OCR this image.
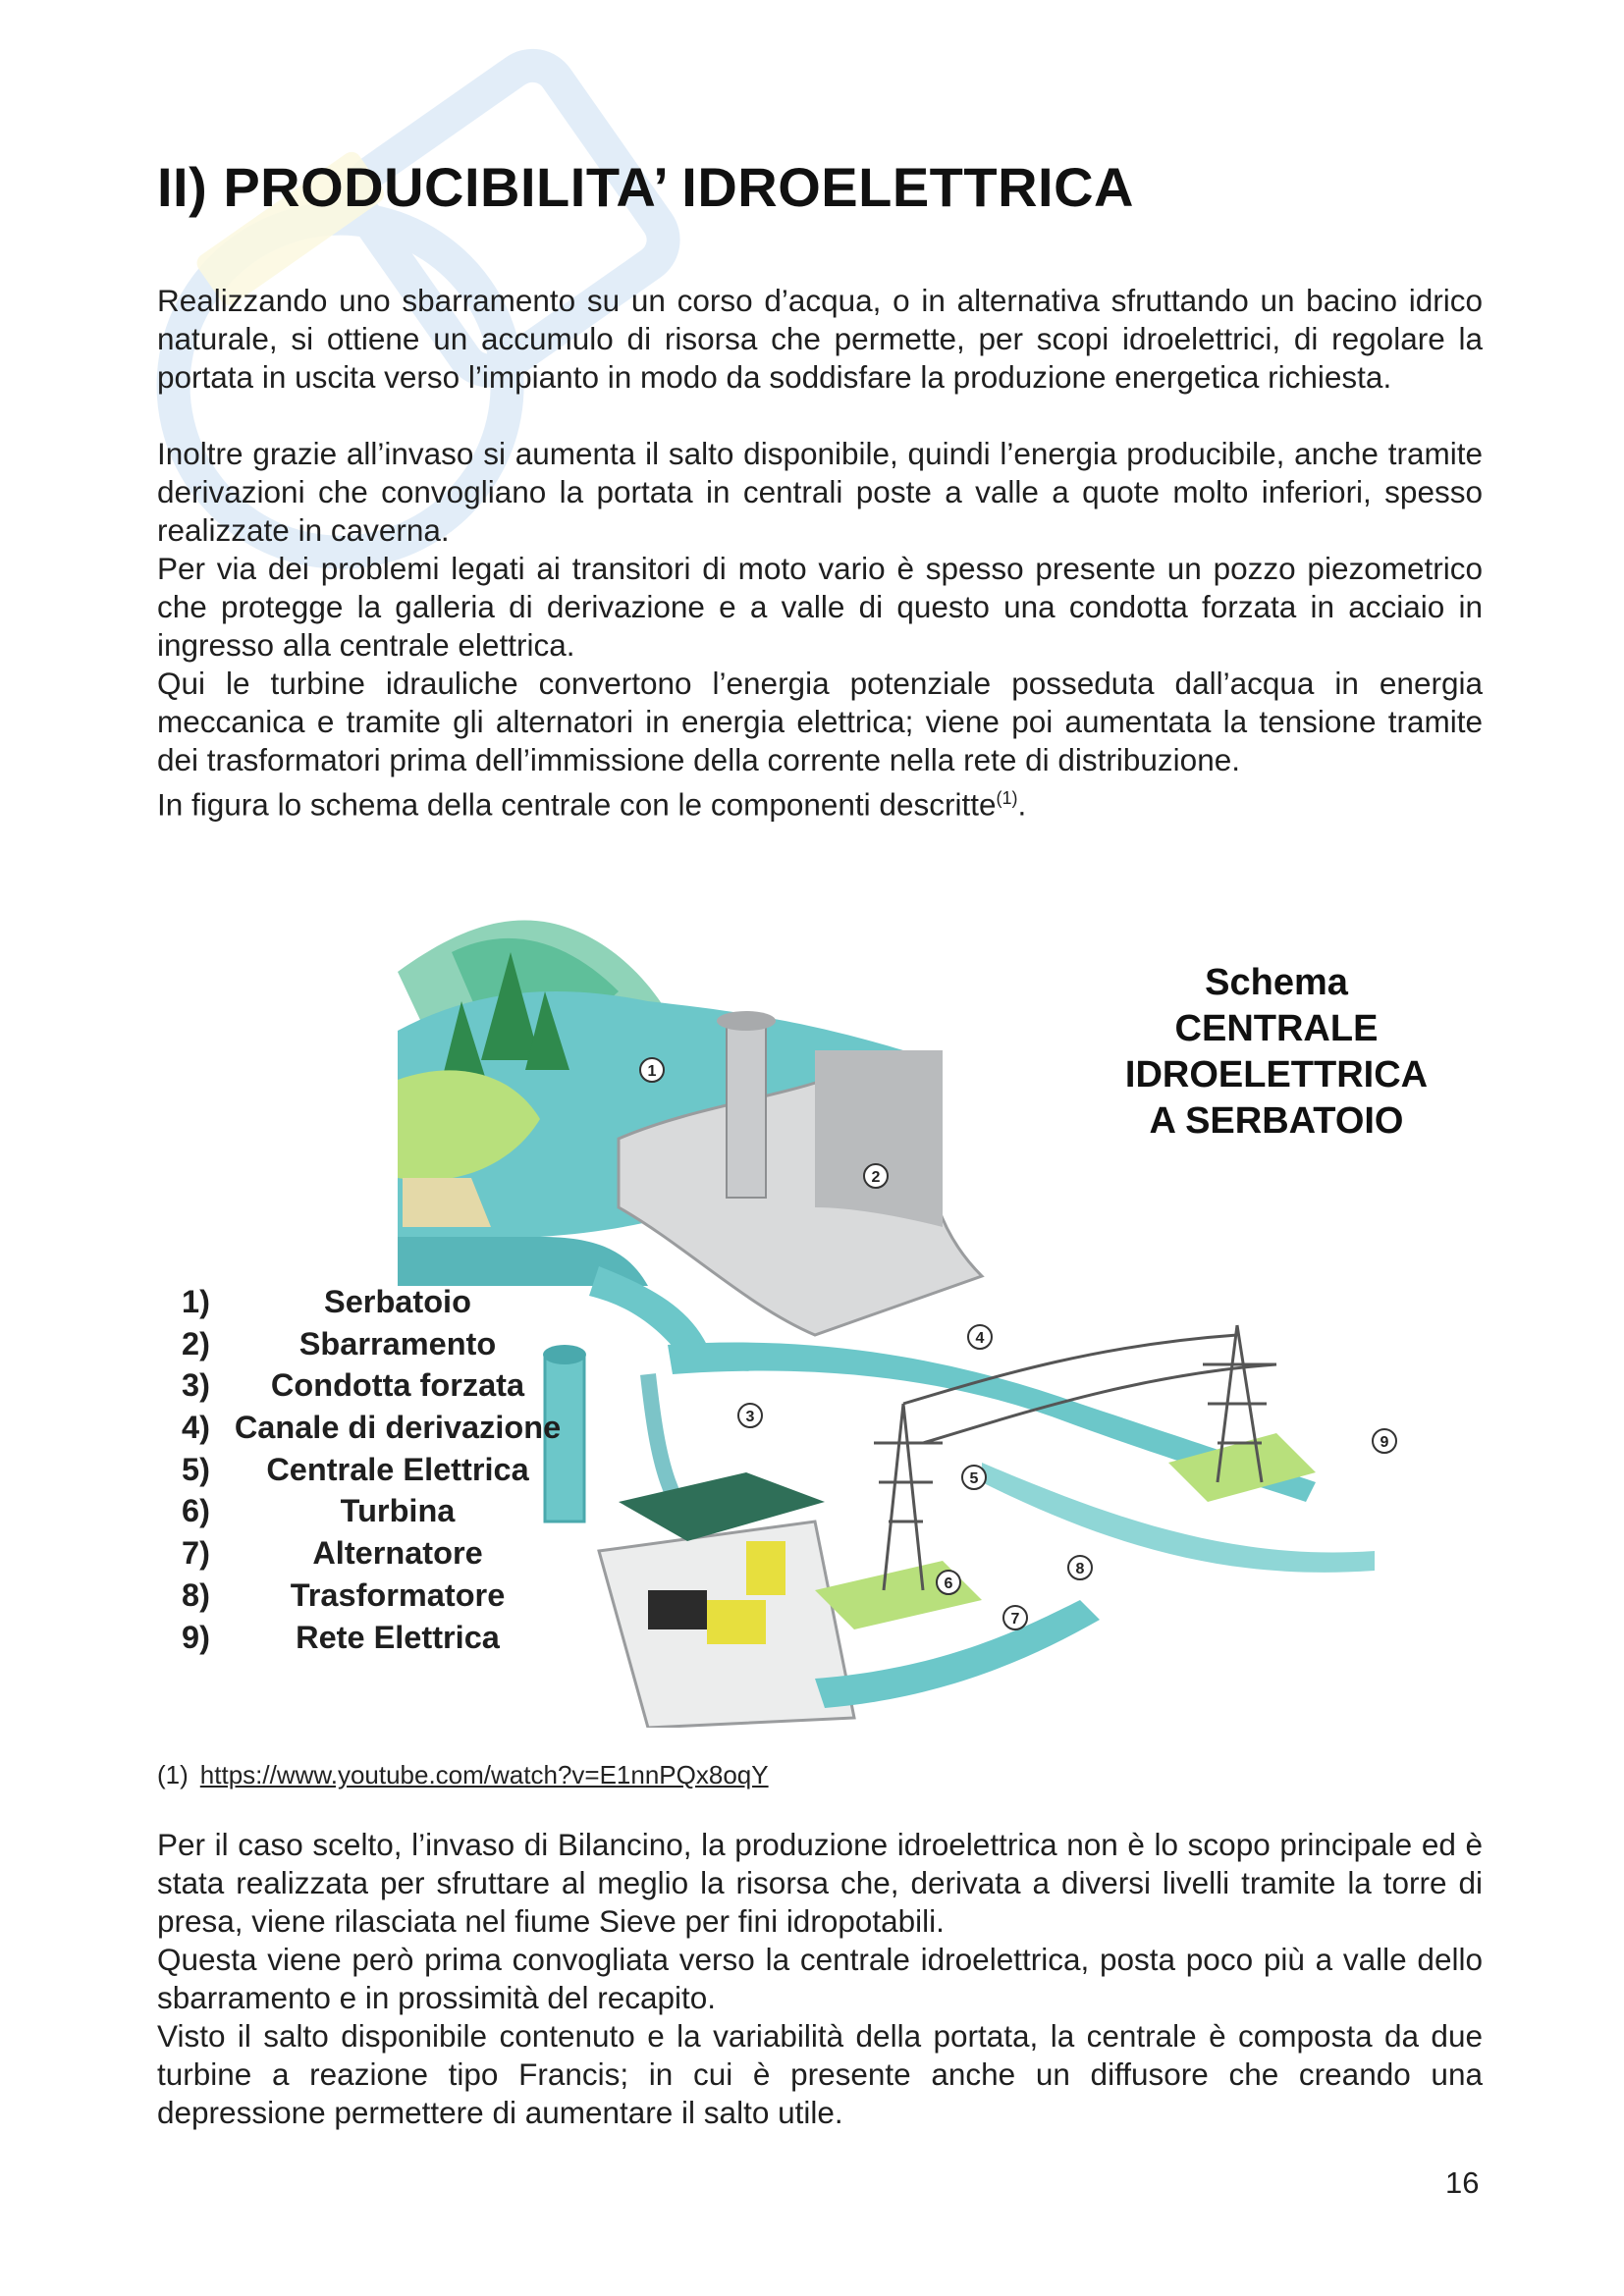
II) PRODUCIBILITA’ IDROELETTRICA

Realizzando uno sbarramento su un corso d’acqua, o in alternativa sfruttando un bacino idrico naturale, si ottiene un accumulo di risorsa che permette, per scopi idroelettrici, di regolare la portata in uscita verso l’impianto in modo da soddisfare la produzione energetica richiesta.

Inoltre grazie all’invaso si aumenta il salto disponibile, quindi l’energia producibile, anche tramite derivazioni che convogliano la portata in centrali poste a valle a quote molto inferiori, spesso realizzate in caverna.

Per via dei problemi legati ai transitori di moto vario è spesso presente un pozzo piezometrico che protegge la galleria di derivazione e a valle di questo una condotta forzata in acciaio in ingresso alla centrale elettrica.

Qui le turbine idrauliche convertono l’energia potenziale posseduta dall’acqua in energia meccanica e tramite gli alternatori in energia elettrica; viene poi aumentata la tensione tramite dei trasformatori prima dell’immissione della corrente nella rete di distribuzione.

In figura lo schema della centrale con le componenti descritte$^{(1)}$.

1
2
3
4
5
6
7
8
9
Schema
CENTRALE
IDROELETTRICA
A SERBATOIO
1)	Serbatoio
2)	Sbarramento
3)	Condotta forzata
4) Canale di derivazione
5)	Centrale Elettrica
6)	Turbina
7)	Alternatore
8)	Trasformatore
9)	Rete Elettrica
(1) https://www.youtube.com/watch?v=E1nnPQx8oqY

Per il caso scelto, l’invaso di Bilancino, la produzione idroelettrica non è lo scopo principale ed è stata realizzata per sfruttare al meglio la risorsa che, derivata a diversi livelli tramite la torre di presa, viene rilasciata nel fiume Sieve per fini idropotabili.

Questa viene però prima convogliata verso la centrale idroelettrica, posta poco più a valle dello sbarramento e in prossimità del recapito.

Visto il salto disponibile contenuto e la variabilità della portata, la centrale è composta da due turbine a reazione tipo Francis; in cui è presente anche un diffusore che creando una depressione permettere di aumentare il salto utile.

16
